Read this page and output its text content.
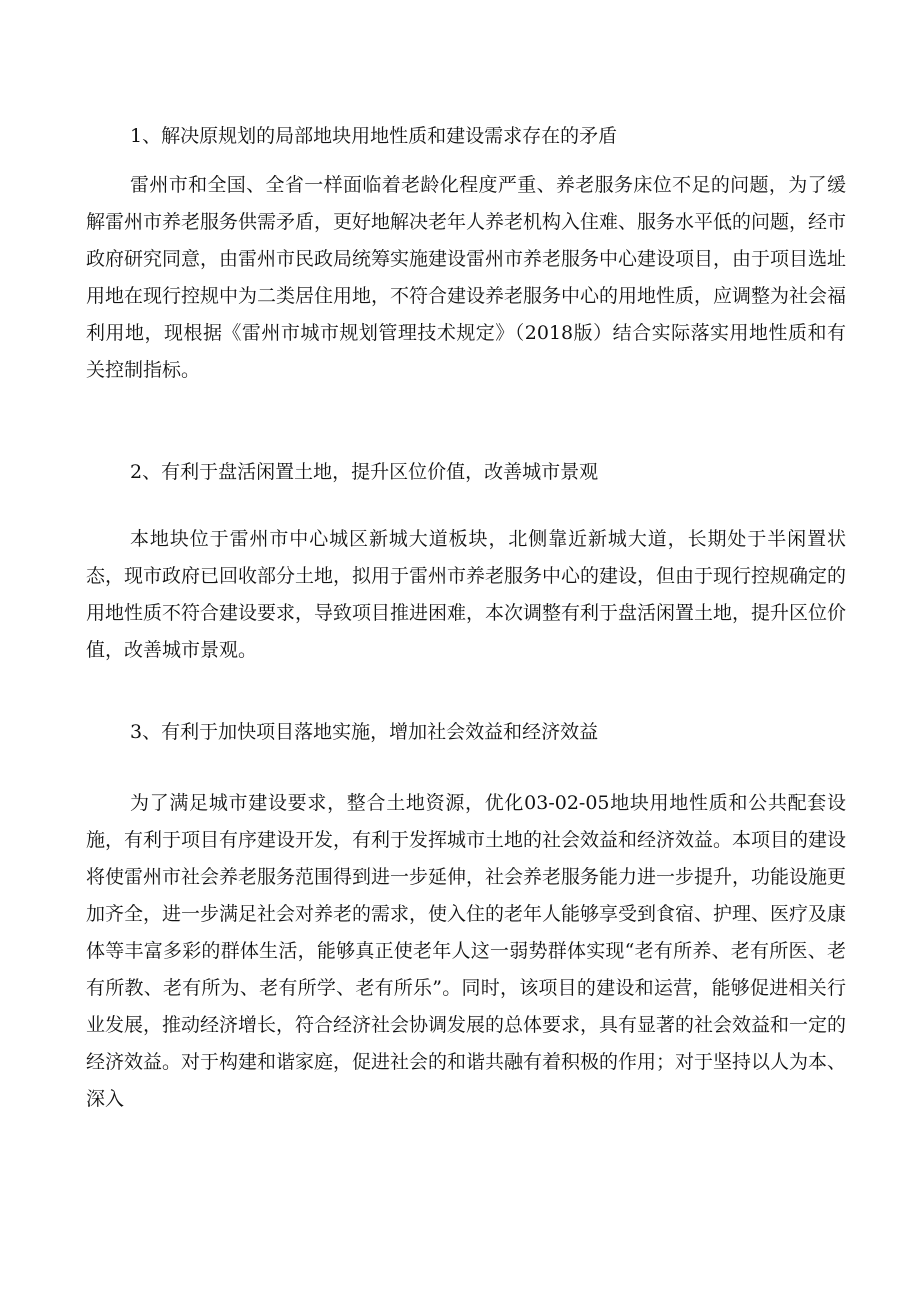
1、解决原规划的局部地块用地性质和建设需求存在的矛盾

雷州市和全国、全省一样面临着老龄化程度严重、养老服务床位不足的问题，为了缓解雷州市养老服务供需矛盾，更好地解决老年人养老机构入住难、服务水平低的问题，经市政府研究同意，由雷州市民政局统筹实施建设雷州市养老服务中心建设项目，由于项目选址用地在现行控规中为二类居住用地，不符合建设养老服务中心的用地性质，应调整为社会福利用地，现根据《雷州市城市规划管理技术规定》（2018版）结合实际落实用地性质和有关控制指标。

2、有利于盘活闲置土地，提升区位价值，改善城市景观

本地块位于雷州市中心城区新城大道板块，北侧靠近新城大道，长期处于半闲置状态，现市政府已回收部分土地，拟用于雷州市养老服务中心的建设，但由于现行控规确定的用地性质不符合建设要求，导致项目推进困难，本次调整有利于盘活闲置土地，提升区位价值，改善城市景观。

3、有利于加快项目落地实施，增加社会效益和经济效益

为了满足城市建设要求，整合土地资源，优化03-02-05地块用地性质和公共配套设施，有利于项目有序建设开发，有利于发挥城市土地的社会效益和经济效益。本项目的建设将使雷州市社会养老服务范围得到进一步延伸，社会养老服务能力进一步提升，功能设施更加齐全，进一步满足社会对养老的需求，使入住的老年人能够享受到食宿、护理、医疗及康体等丰富多彩的群体生活，能够真正使老年人这一弱势群体实现“老有所养、老有所医、老有所教、老有所为、老有所学、老有所乐”。同时，该项目的建设和运营，能够促进相关行业发展，推动经济增长，符合经济社会协调发展的总体要求，具有显著的社会效益和一定的经济效益。对于构建和谐家庭，促进社会的和谐共融有着积极的作用；对于坚持以人为本、深入
